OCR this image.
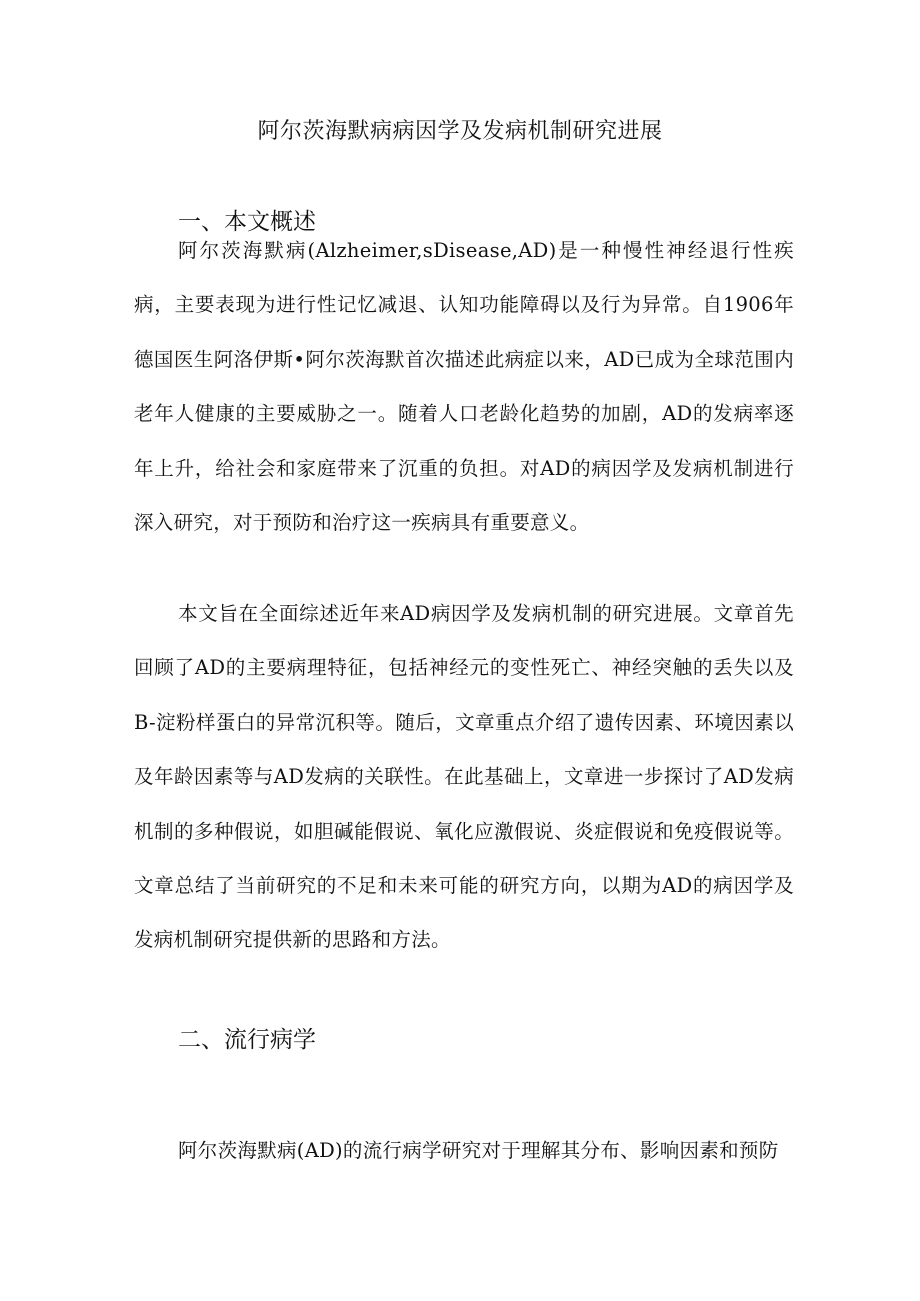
阿尔茨海默病病因学及发病机制研究进展
一、本文概述

阿尔茨海默病(Alzheimer,sDisease,AD)是一种慢性神经退行性疾病，主要表现为进行性记忆减退、认知功能障碍以及行为异常。自1906年德国医生阿洛伊斯•阿尔茨海默首次描述此病症以来，AD已成为全球范围内老年人健康的主要威胁之一。随着人口老龄化趋势的加剧，AD的发病率逐年上升，给社会和家庭带来了沉重的负担。对AD的病因学及发病机制进行深入研究，对于预防和治疗这一疾病具有重要意义。

本文旨在全面综述近年来AD病因学及发病机制的研究进展。文章首先回顾了AD的主要病理特征，包括神经元的变性死亡、神经突触的丢失以及B-淀粉样蛋白的异常沉积等。随后，文章重点介绍了遗传因素、环境因素以及年龄因素等与AD发病的关联性。在此基础上，文章进一步探讨了AD发病机制的多种假说，如胆碱能假说、氧化应激假说、炎症假说和免疫假说等。文章总结了当前研究的不足和未来可能的研究方向，以期为AD的病因学及发病机制研究提供新的思路和方法。

二、流行病学

阿尔茨海默病(AD)的流行病学研究对于理解其分布、影响因素和预防
